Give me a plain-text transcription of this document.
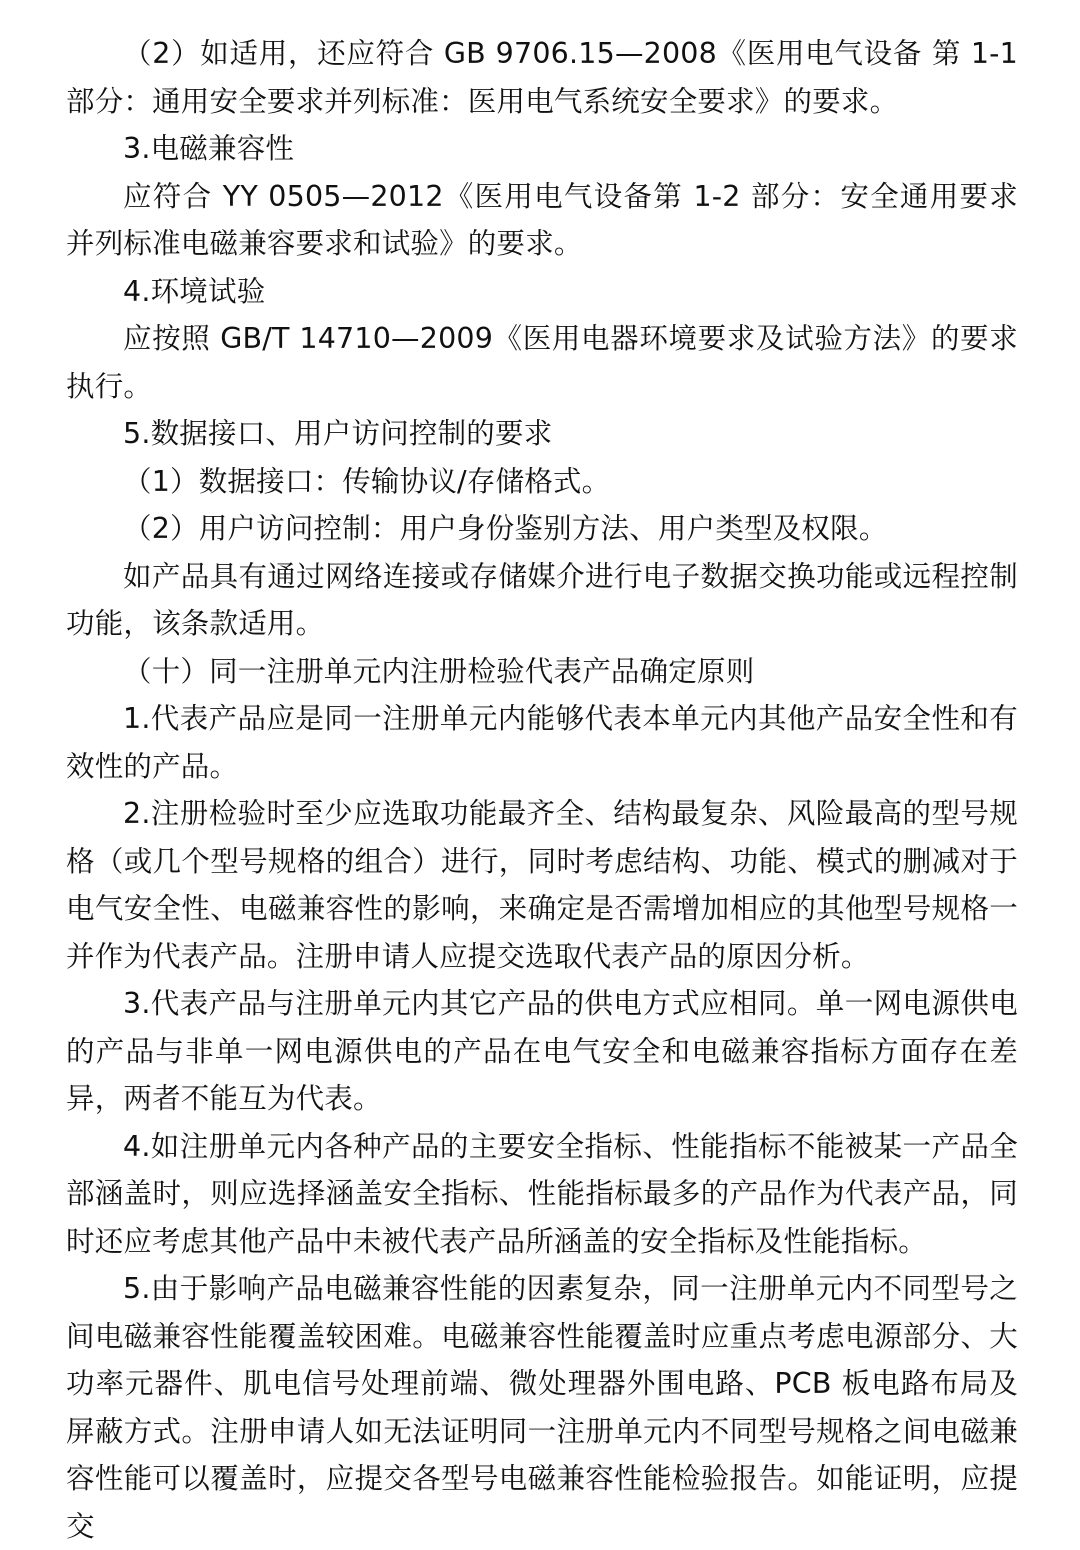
（2）如适用，还应符合 GB 9706.15—2008《医用电气设备 第 1-1 部分：通用安全要求并列标准：医用电气系统安全要求》的要求。

3.电磁兼容性

应符合 YY 0505—2012《医用电气设备第 1-2 部分：安全通用要求并列标准电磁兼容要求和试验》的要求。

4.环境试验

应按照 GB/T 14710—2009《医用电器环境要求及试验方法》的要求执行。

5.数据接口、用户访问控制的要求

（1）数据接口：传输协议/存储格式。

（2）用户访问控制：用户身份鉴别方法、用户类型及权限。

如产品具有通过网络连接或存储媒介进行电子数据交换功能或远程控制功能，该条款适用。

（十）同一注册单元内注册检验代表产品确定原则

1.代表产品应是同一注册单元内能够代表本单元内其他产品安全性和有效性的产品。

2.注册检验时至少应选取功能最齐全、结构最复杂、风险最高的型号规格（或几个型号规格的组合）进行，同时考虑结构、功能、模式的删减对于电气安全性、电磁兼容性的影响，来确定是否需增加相应的其他型号规格一并作为代表产品。注册申请人应提交选取代表产品的原因分析。

3.代表产品与注册单元内其它产品的供电方式应相同。单一网电源供电的产品与非单一网电源供电的产品在电气安全和电磁兼容指标方面存在差异，两者不能互为代表。

4.如注册单元内各种产品的主要安全指标、性能指标不能被某一产品全部涵盖时，则应选择涵盖安全指标、性能指标最多的产品作为代表产品，同时还应考虑其他产品中未被代表产品所涵盖的安全指标及性能指标。

5.由于影响产品电磁兼容性能的因素复杂，同一注册单元内不同型号之间电磁兼容性能覆盖较困难。电磁兼容性能覆盖时应重点考虑电源部分、大功率元器件、肌电信号处理前端、微处理器外围电路、PCB 板电路布局及屏蔽方式。注册申请人如无法证明同一注册单元内不同型号规格之间电磁兼容性能可以覆盖时，应提交各型号电磁兼容性能检验报告。如能证明，应提交
